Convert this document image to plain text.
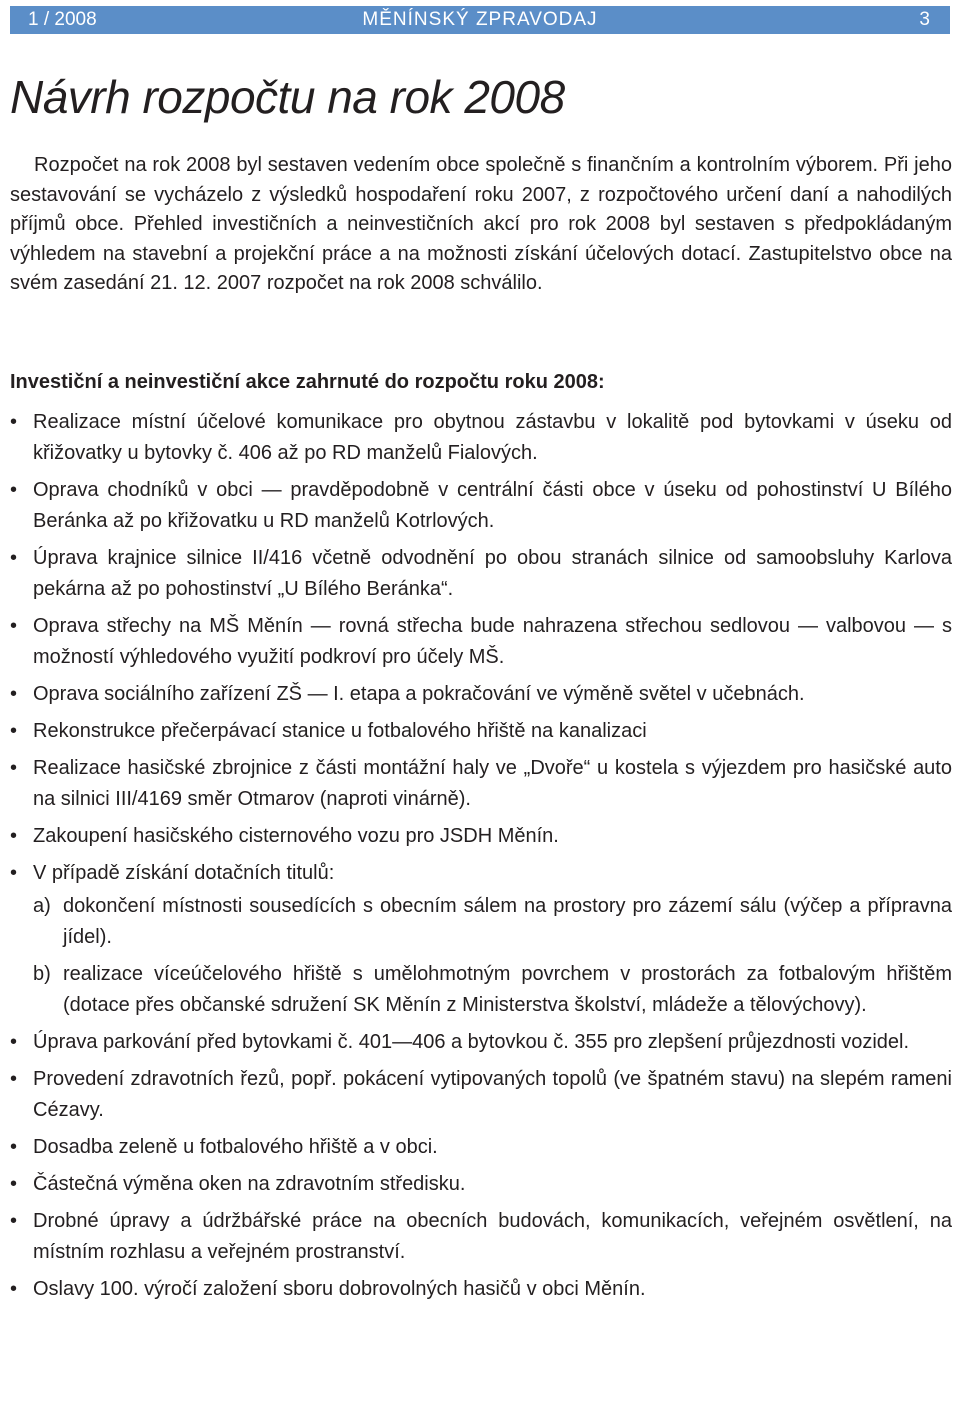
1 / 2008	MĚNÍNSKÝ ZPRAVODAJ	3
Návrh rozpočtu na rok 2008

Rozpočet na rok 2008 byl sestaven vedením obce společně s finančním a kontrolním výborem. Při jeho sestavování se vycházelo z výsledků hospodaření roku 2007, z rozpočtového určení daní a nahodilých příjmů obce. Přehled investičních a neinvestičních akcí pro rok 2008 byl sestaven s předpokládaným výhledem na stavební a projekční práce a na možnosti získání účelových dotací. Zastupitelstvo obce na svém zasedání 21. 12. 2007 rozpočet na rok 2008 schválilo.

Investiční a neinvestiční akce zahrnuté do rozpočtu roku 2008:

• Realizace místní účelové komunikace pro obytnou zástavbu v lokalitě pod bytovkami v úseku od křižovatky u bytovky č. 406 až po RD manželů Fialových.
• Oprava chodníků v obci — pravděpodobně v centrální části obce v úseku od pohostinství U Bílého Beránka až po křižovatku u RD manželů Kotrlových.
• Úprava krajnice silnice II/416 včetně odvodnění po obou stranách silnice od samoobsluhy Karlova pekárna až po pohostinství „U Bílého Beránka“.
• Oprava střechy na MŠ Měnín — rovná střecha bude nahrazena střechou sedlovou — valbovou — s možností výhledového využití podkroví pro účely MŠ.
• Oprava sociálního zařízení ZŠ — I. etapa a pokračování ve výměně světel v učebnách.
• Rekonstrukce přečerpávací stanice u fotbalového hřiště na kanalizaci
• Realizace hasičské zbrojnice z části montážní haly ve „Dvoře“ u kostela s výjezdem pro hasičské auto na silnici III/4169 směr Otmarov (naproti vinárně).
• Zakoupení hasičského cisternového vozu pro JSDH Měnín.
• V případě získání dotačních titulů:
a) dokončení místnosti sousedících s obecním sálem na prostory pro zázemí sálu (výčep a přípravna jídel).
b) realizace víceúčelového hřiště s umělohmotným povrchem v prostorách za fotbalovým hřištěm (dotace přes občanské sdružení SK Měnín z Ministerstva školství, mládeže a tělovýchovy).
• Úprava parkování před bytovkami č. 401—406 a bytovkou č. 355 pro zlepšení průjezdnosti vozidel.
• Provedení zdravotních řezů, popř. pokácení vytipovaných topolů (ve špatném stavu) na slepém rameni Cézavy.
• Dosadba zeleně u fotbalového hřiště a v obci.
• Částečná výměna oken na zdravotním středisku.
• Drobné úpravy a údržbářské práce na obecních budovách, komunikacích, veřejném osvětlení, na místním rozhlasu a veřejném prostranství.
• Oslavy 100. výročí založení sboru dobrovolných hasičů v obci Měnín.
